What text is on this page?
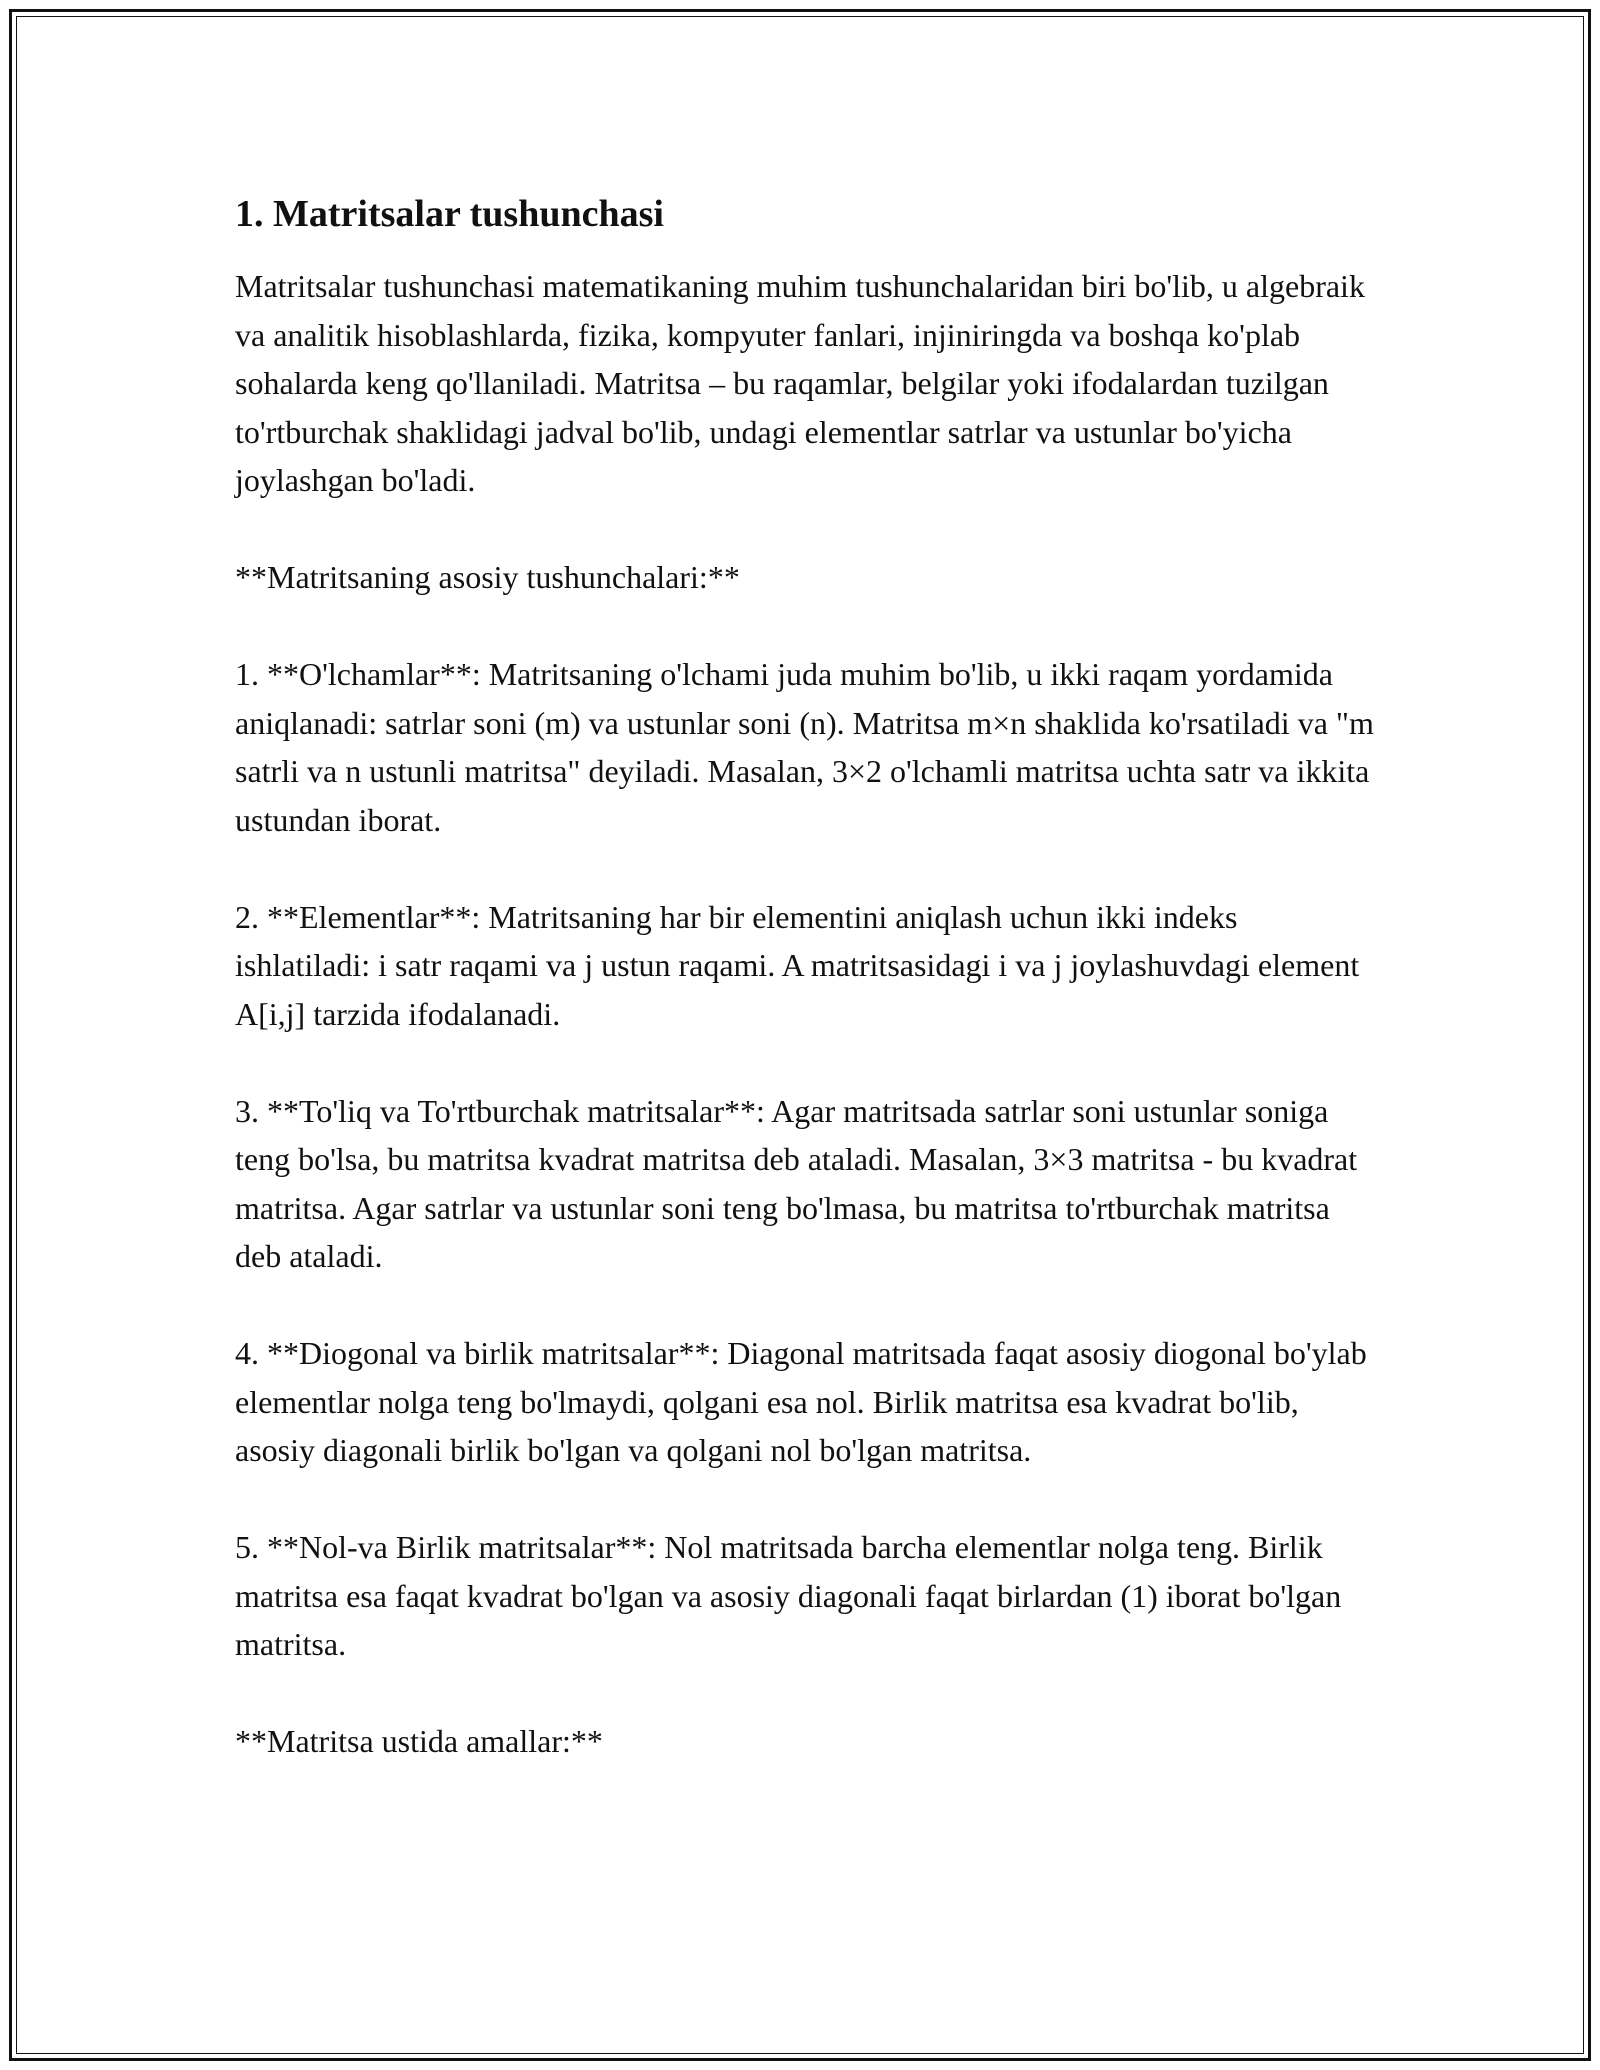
1. Matritsalar tushunchasi

Matritsalar tushunchasi matematikaning muhim tushunchalaridan biri bo'lib, u algebraik va analitik hisoblashlarda, fizika, kompyuter fanlari, injiniringda va boshqa ko'plab sohalarda keng qo'llaniladi. Matritsa – bu raqamlar, belgilar yoki ifodalardan tuzilgan to'rtburchak shaklidagi jadval bo'lib, undagi elementlar satrlar va ustunlar bo'yicha joylashgan bo'ladi.

**Matritsaning asosiy tushunchalari:**

1. **O'lchamlar**: Matritsaning o'lchami juda muhim bo'lib, u ikki raqam yordamida aniqlanadi: satrlar soni (m) va ustunlar soni (n). Matritsa m×n shaklida ko'rsatiladi va "m satrli va n ustunli matritsa" deyiladi. Masalan, 3×2 o'lchamli matritsa uchta satr va ikkita ustundan iborat.

2. **Elementlar**: Matritsaning har bir elementini aniqlash uchun ikki indeks ishlatiladi: i satr raqami va j ustun raqami. A matritsasidagi i va j joylashuvdagi element A[i,j] tarzida ifodalanadi.

3. **To'liq va To'rtburchak matritsalar**: Agar matritsada satrlar soni ustunlar soniga teng bo'lsa, bu matritsa kvadrat matritsa deb ataladi. Masalan, 3×3 matritsa - bu kvadrat matritsa. Agar satrlar va ustunlar soni teng bo'lmasa, bu matritsa to'rtburchak matritsa deb ataladi.

4. **Diogonal va birlik matritsalar**: Diagonal matritsada faqat asosiy diogonal bo'ylab elementlar nolga teng bo'lmaydi, qolgani esa nol. Birlik matritsa esa kvadrat bo'lib, asosiy diagonali birlik bo'lgan va qolgani nol bo'lgan matritsa.

5. **Nol-va Birlik matritsalar**: Nol matritsada barcha elementlar nolga teng. Birlik matritsa esa faqat kvadrat bo'lgan va asosiy diagonali faqat birlardan (1) iborat bo'lgan matritsa.

**Matritsa ustida amallar:**
